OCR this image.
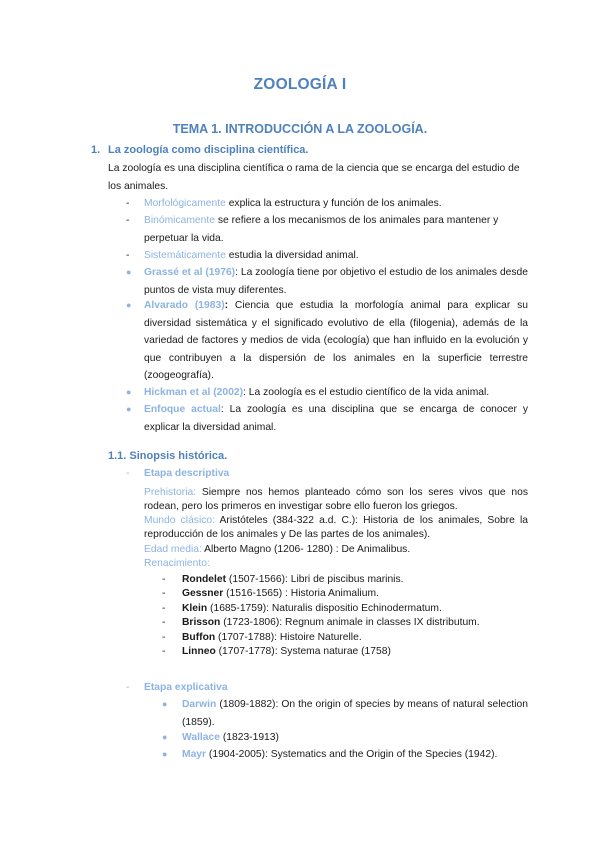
ZOOLOGÍA I
TEMA 1. INTRODUCCIÓN A LA ZOOLOGÍA.
1. La zoología como disciplina científica.
La zoología es una disciplina científica o rama de la ciencia que se encarga del estudio de los animales.
-	Morfológicamente explica la estructura y función de los animales.
-	Binómicamente se refiere a los mecanismos de los animales para mantener y perpetuar la vida.
-	Sistemáticamente estudia la diversidad animal.
●	Grassé et al (1976): La zoología tiene por objetivo el estudio de los animales desde puntos de vista muy diferentes.
●	Alvarado (1983): Ciencia que estudia la morfología animal para explicar su diversidad sistemática y el significado evolutivo de ella (filogenia), además de la variedad de factores y medios de vida (ecología) que han influido en la evolución y que contribuyen a la dispersión de los animales en la superficie terrestre (zoogeografía).
●	Hickman et al (2002): La zoología es el estudio científico de la vida animal.
●	Enfoque actual: La zoología es una disciplina que se encarga de conocer y explicar la diversidad animal.
1.1. Sinopsis histórica.
- Etapa descriptiva
Prehistoria: Siempre nos hemos planteado cómo son los seres vivos que nos rodean, pero los primeros en investigar sobre ello fueron los griegos.
Mundo clásico: Aristóteles (384-322 a.d. C.): Historia de los animales, Sobre la reproducción de los animales y De las partes de los animales).
Edad media: Alberto Magno (1206- 1280) : De Animalibus.
Renacimiento:
- Rondelet (1507-1566): Libri de piscibus marinis.
- Gessner (1516-1565) : Historia Animalium.
- Klein (1685-1759): Naturalis dispositio Echinodermatum.
- Brisson (1723-1806): Regnum animale in classes IX distributum.
- Buffon (1707-1788): Histoire Naturelle.
- Linneo (1707-1778): Systema naturae (1758)
- Etapa explicativa
● Darwin (1809-1882): On the origin of species by means of natural selection (1859).
● Wallace (1823-1913)
● Mayr (1904-2005): Systematics and the Origin of the Species (1942).
